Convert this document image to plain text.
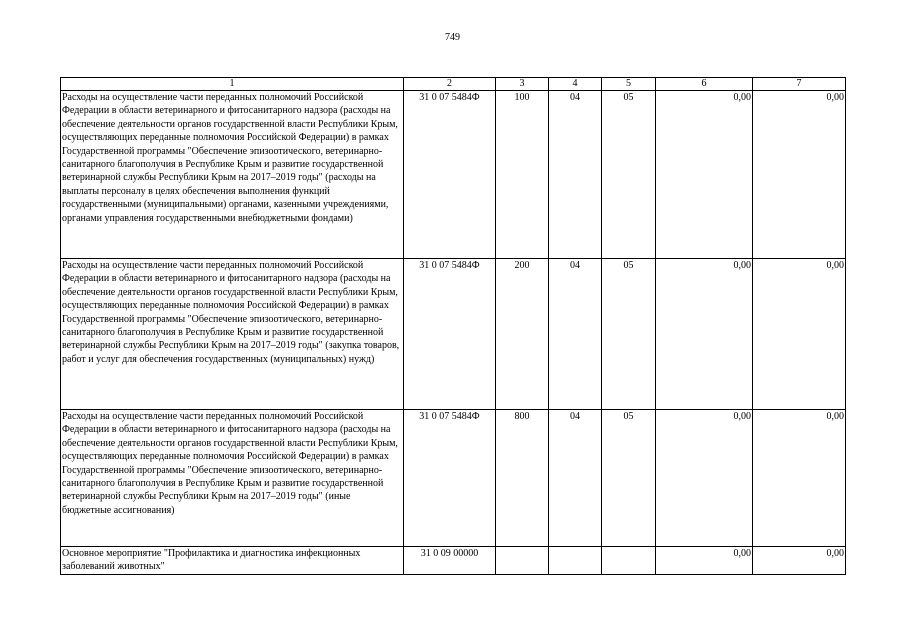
749
1	2	3	4	5	6	7
Расходы на осуществление части переданных полномочий Российской Федерации в области ветеринарного и фитосанитарного надзора (расходы на обеспечение деятельности органов государственной власти Республики Крым, осуществляющих переданные полномочия Российской Федерации) в рамках Государственной программы "Обеспечение эпизоотического, ветеринарно-санитарного благополучия в Республике Крым и развитие государственной ветеринарной службы Республики Крым на 2017–2019 годы" (расходы на выплаты персоналу в целях обеспечения выполнения функций государственными (муниципальными) органами, казенными учреждениями, органами управления государственными внебюджетными фондами)	31 0 07 5484Ф	100	04	05	0,00	0,00
Расходы на осуществление части переданных полномочий Российской Федерации в области ветеринарного и фитосанитарного надзора (расходы на обеспечение деятельности органов государственной власти Республики Крым, осуществляющих переданные полномочия Российской Федерации) в рамках Государственной программы "Обеспечение эпизоотического, ветеринарно-санитарного благополучия в Республике Крым и развитие государственной ветеринарной службы Республики Крым на 2017–2019 годы" (закупка товаров, работ и услуг для обеспечения государственных (муниципальных) нужд)	31 0 07 5484Ф	200	04	05	0,00	0,00
Расходы на осуществление части переданных полномочий Российской Федерации в области ветеринарного и фитосанитарного надзора (расходы на обеспечение деятельности органов государственной власти Республики Крым, осуществляющих переданные полномочия Российской Федерации) в рамках Государственной программы "Обеспечение эпизоотического, ветеринарно-санитарного благополучия в Республике Крым и развитие государственной ветеринарной службы Республики Крым на 2017–2019 годы" (иные бюджетные ассигнования)	31 0 07 5484Ф	800	04	05	0,00	0,00
Основное мероприятие "Профилактика и диагностика инфекционных заболеваний животных"	31 0 09 00000				0,00	0,00
